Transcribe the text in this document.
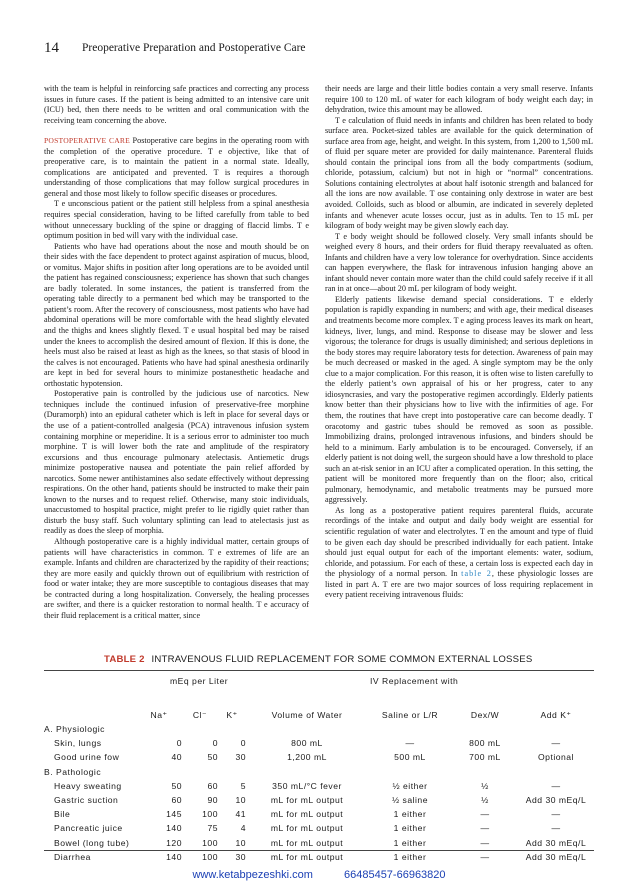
14 Preoperative Preparation and Postoperative Care

with the team is helpful in reinforcing safe practices and correcting any process issues in future cases. If the patient is being admitted to an intensive care unit (ICU) bed, then there needs to be written and oral communication with the receiving team concerning the above.

POSTOPERATIVE CARE Postoperative care begins in the operating room with the completion of the operative procedure. T e objective, like that of preoperative care, is to maintain the patient in a normal state. Ideally, complications are anticipated and prevented. T is requires a thorough understanding of those complications that may follow surgical procedures in general and those most likely to follow specific diseases or procedures.

T e unconscious patient or the patient still helpless from a spinal anesthesia requires special consideration, having to be lifted carefully from table to bed without unnecessary buckling of the spine or dragging of flaccid limbs. T e optimum position in bed will vary with the individual case.

Patients who have had operations about the nose and mouth should be on their sides with the face dependent to protect against aspiration of mucus, blood, or vomitus. Major shifts in position after long operations are to be avoided until the patient has regained consciousness; experience has shown that such changes are badly tolerated. In some instances, the patient is transferred from the operating table directly to a permanent bed which may be transported to the patient’s room. After the recovery of consciousness, most patients who have had abdominal operations will be more comfortable with the head slightly elevated and the thighs and knees slightly flexed. T e usual hospital bed may be raised under the knees to accomplish the desired amount of flexion. If this is done, the heels must also be raised at least as high as the knees, so that stasis of blood in the calves is not encouraged. Patients who have had spinal anesthesia ordinarily are kept in bed for several hours to minimize postanesthetic headache and orthostatic hypotension.

Postoperative pain is controlled by the judicious use of narcotics. New techniques include the continued infusion of preservative-free morphine (Duramorph) into an epidural catheter which is left in place for several days or the use of a patient-controlled analgesia (PCA) intravenous infusion system containing morphine or meperidine. It is a serious error to administer too much morphine. T is will lower both the rate and amplitude of the respiratory excursions and thus encourage pulmonary atelectasis. Antiemetic drugs minimize postoperative nausea and potentiate the pain relief afforded by narcotics. Some newer antihistamines also sedate effectively without depressing respirations. On the other hand, patients should be instructed to make their pain known to the nurses and to request relief. Otherwise, many stoic individuals, unaccustomed to hospital practice, might prefer to lie rigidly quiet rather than disturb the busy staff. Such voluntary splinting can lead to atelectasis just as readily as does the sleep of morphia.

Although postoperative care is a highly individual matter, certain groups of patients will have characteristics in common. T e extremes of life are an example. Infants and children are characterized by the rapidity of their reactions; they are more easily and quickly thrown out of equilibrium with restriction of food or water intake; they are more susceptible to contagious diseases that may be contracted during a long hospitalization. Conversely, the healing processes are swifter, and there is a quicker restoration to normal health. T e accuracy of their fluid replacement is a critical matter, since

their needs are large and their little bodies contain a very small reserve. Infants require 100 to 120 mL of water for each kilogram of body weight each day; in dehydration, twice this amount may be allowed.

T e calculation of fluid needs in infants and children has been related to body surface area. Pocket-sized tables are available for the quick determination of surface area from age, height, and weight. In this system, from 1,200 to 1,500 mL of fluid per square meter are provided for daily maintenance. Parenteral fluids should contain the principal ions from all the body compartments (sodium, chloride, potassium, calcium) but not in high or “normal” concentrations. Solutions containing electrolytes at about half isotonic strength and balanced for all the ions are now available. T ose containing only dextrose in water are best avoided. Colloids, such as blood or albumin, are indicated in severely depleted infants and whenever acute losses occur, just as in adults. Ten to 15 mL per kilogram of body weight may be given slowly each day.

T e body weight should be followed closely. Very small infants should be weighed every 8 hours, and their orders for fluid therapy reevaluated as often. Infants and children have a very low tolerance for overhydration. Since accidents can happen everywhere, the flask for intravenous infusion hanging above an infant should never contain more water than the child could safely receive if it all ran in at once—about 20 mL per kilogram of body weight.

Elderly patients likewise demand special considerations. T e elderly population is rapidly expanding in numbers; and with age, their medical diseases and treatments become more complex. T e aging process leaves its mark on heart, kidneys, liver, lungs, and mind. Response to disease may be slower and less vigorous; the tolerance for drugs is usually diminished; and serious depletions in the body stores may require laboratory tests for detection. Awareness of pain may be much decreased or masked in the aged. A single symptom may be the only clue to a major complication. For this reason, it is often wise to listen carefully to the elderly patient’s own appraisal of his or her progress, cater to any idiosyncrasies, and vary the postoperative regimen accordingly. Elderly patients know better than their physicians how to live with the infirmities of age. For them, the routines that have crept into postoperative care can become deadly. T oracotomy and gastric tubes should be removed as soon as possible. Immobilizing drains, prolonged intravenous infusions, and binders should be held to a minimum. Early ambulation is to be encouraged. Conversely, if an elderly patient is not doing well, the surgeon should have a low threshold to place such an at-risk senior in an ICU after a complicated operation. In this setting, the patient will be monitored more frequently than on the floor; also, critical pulmonary, hemodynamic, and metabolic treatments may be pursued more aggressively.

As long as a postoperative patient requires parenteral fluids, accurate recordings of the intake and output and daily body weight are essential for scientific regulation of water and electrolytes. T en the amount and type of fluid to be given each day should be prescribed individually for each patient. Intake should just equal output for each of the important elements: water, sodium, chloride, and potassium. For each of these, a certain loss is expected each day in the physiology of a normal person. In table 2, these physiologic losses are listed in part A. T ere are two major sources of loss requiring replacement in every patient receiving intravenous fluids:

TABLE 2 INTRAVENOUS FLUID REPLACEMENT FOR SOME COMMON EXTERNAL LOSSES
mEq per Liter	IV Replacement with
	Na⁺	Cl⁻	K⁺	Volume of Water	Saline or L/R	Dex/W	Add K⁺
A. Physiologic							
Skin, lungs	0	0	0	800 mL	—	800 mL	—
Good urine fow	40	50	30	1,200 mL	500 mL	700 mL	Optional
B. Pathologic							
Heavy sweating	50	60	5	350 mL/°C fever	½ either	½	—
Gastric suction	60	90	10	mL for mL output	½ saline	½	Add 30 mEq/L
Bile	145	100	41	mL for mL output	1 either	—	—
Pancreatic juice	140	75	4	mL for mL output	1 either	—	—
Bowel (long tube)	120	100	10	mL for mL output	1 either	—	Add 30 mEq/L
Diarrhea	140	100	30	mL for mL output	1 either	—	Add 30 mEq/L
www.ketabpezeshki.com	66485457-66963820
